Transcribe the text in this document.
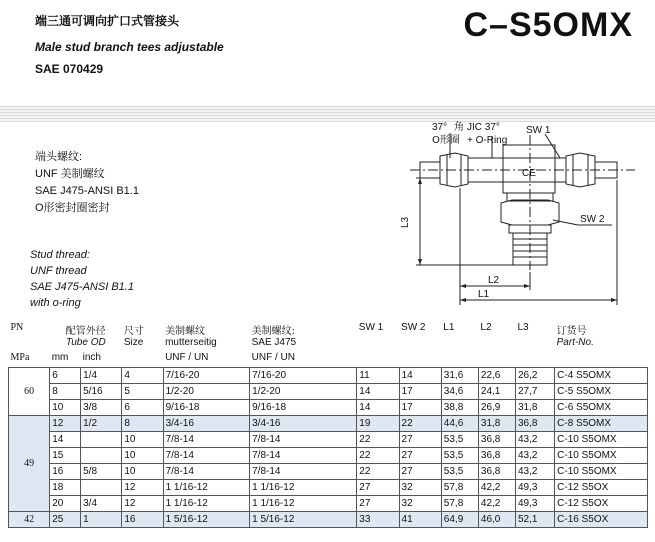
端三通可调向扩口式管接头
Male stud branch tees adjustable
SAE 070429
C–S5OMX
端头螺纹:
UNF 美制螺纹
SAE J475-ANSI B1.1
O形密封圈密封
Stud thread:
UNF thread
SAE J475-ANSI B1.1
with o-ring
37° 角 JIC 37°
O形圈 + O-Ring
SW 1
SW 2
CE
L2
L1
L3
PN	配管外径		尺寸	美制螺纹	美制螺纹:	SW 1	SW 2	L1	L2	L3	订货号
	Tube OD		Size	mutterseitig	SAE J475						Part-No.
MPa	mm	inch		UNF / UN	UNF / UN						
60	6	1/4	4	7/16-20	7/16-20	11	14	31,6	22,6	26,2	C-4 S5OMX
	8	5/16	5	1/2-20	1/2-20	14	17	34,6	24,1	27,7	C-5 S5OMX
	10	3/8	6	9/16-18	9/16-18	14	17	38,8	26,9	31,8	C-6 S5OMX
49	12	1/2	8	3/4-16	3/4-16	19	22	44,6	31,8	36,8	C-8 S5OMX
	14		10	7/8-14	7/8-14	22	27	53,5	36,8	43,2	C-10 S5OMX
	15		10	7/8-14	7/8-14	22	27	53,5	36,8	43,2	C-10 S5OMX
	16	5/8	10	7/8-14	7/8-14	22	27	53,5	36,8	43,2	C-10 S5OMX
	18		12	1 1/16-12	1 1/16-12	27	32	57,8	42,2	49,3	C-12 S5OX
	20	3/4	12	1 1/16-12	1 1/16-12	27	32	57,8	42,2	49,3	C-12 S5OX
42	25	1	16	1 5/16-12	1 5/16-12	33	41	64,9	46,0	52,1	C-16 S5OX
